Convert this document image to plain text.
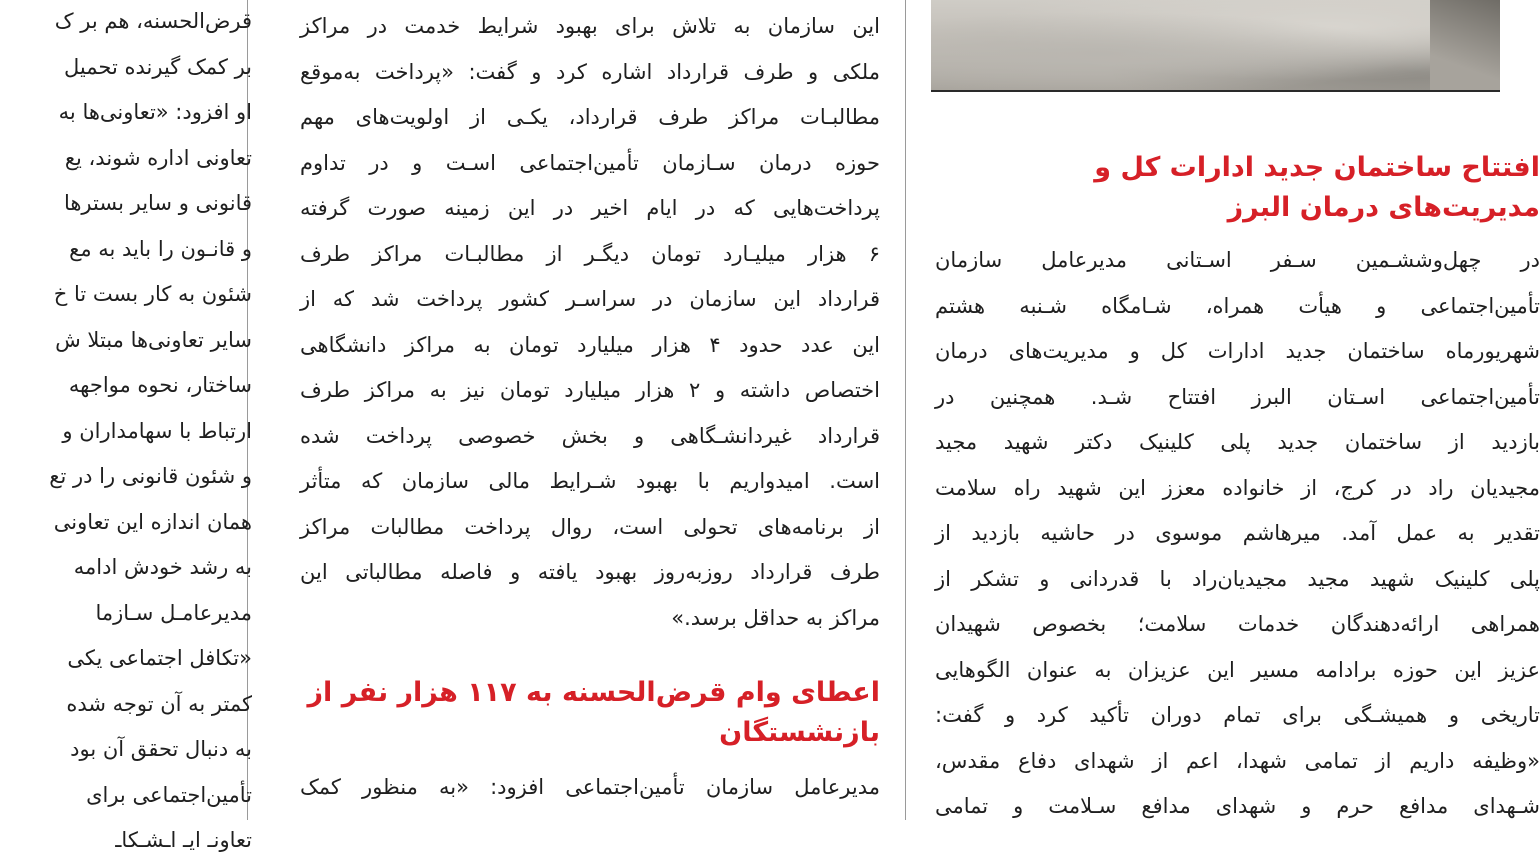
قرض‌الحسنه، هم بر ک
بر کمک گیرنده تحمیل
او افزود: «تعاونی‌ها به
تعاونی اداره شوند، یع
قانونی و سایر بسترها
و قانـون را باید به مع
شئون به کار بست تا خ
سایر تعاونی‌ها مبتلا ش
ساختار، نحوه مواجهه
ارتباط با سهامداران و
و شئون قانونی را در تع
همان اندازه این تعاونی
به رشد خودش ادامه
مدیرعامـل سـازما
«تکافل اجتماعی یکی
کمتر به آن توجه شده
به دنبال تحقق آن بود
تأمین‌اجتماعی برای
تعاونـ ایـ اـشـکاـ
این سازمان به تلاش برای بهبود شرایط خدمت در مراکز
ملکی و طرف قرارداد اشاره کرد و گفت: «پرداخت به‌موقع
مطالبـات مراکز طرف قرارداد، یکـی از اولویت‌های مهم
حوزه درمان سـازمان تأمین‌اجتماعی اسـت و در تداوم
پرداخت‌هایی که در ایام اخیر در این زمینه صورت گرفته
۶ هزار میلیـارد تومان دیگـر از مطالبـات مراکز طرف
قرارداد این سازمان در سراسـر کشور پرداخت شد که از
این عدد حدود ۴ هزار میلیارد تومان به مراکز دانشگاهی
اختصاص داشته و ۲ هزار میلیارد تومان نیز به مراکز طرف
قرارداد غیردانشـگاهی و بخش خصوصی پرداخت شده
است. امیدواریم با بهبود شـرایط مالی سازمان که متأثر
از برنامه‌های تحولی است، روال پرداخت مطالبات مراکز
طرف قرارداد روزبه‌روز بهبود یافته و فاصله مطالباتی این
مراکز به حداقل برسد.»
اعطای وام قرض‌الحسنه به ۱۱۷ هزار نفر از
بازنشستگان
مدیرعامل سازمان تأمین‌اجتماعی افزود: «به منظور کمک
افتتاح ساختمان جدید ادارات کل و
مدیریت‌های درمان البرز
در چهل‌وششـمین سـفر اسـتانی مدیرعامل سازمان
تأمین‌اجتماعی و هیأت همراه، شـامگاه شـنبه هشتم
شهریورماه ساختمان جدید ادارات کل و مدیریت‌های درمان
تأمین‌اجتماعی اسـتان البرز افتتاح شـد. همچنین در
بازدید از ساختمان جدید پلی کلینیک دکتر شهید مجید
مجیدیان راد در کرج، از خانواده معزز این شهید راه سلامت
تقدیر به عمل آمد. میرهاشم موسوی در حاشیه بازدید از
پلی کلینیک شهید مجید مجیدیان‌راد با قدردانی و تشکر از
همراهی ارائه‌دهندگان خدمات سلامت؛ بخصوص شهیدان
عزیز این حوزه برادامه مسیر این عزیزان به عنوان الگوهایی
تاریخی و همیشـگی برای تمام دوران تأکید کرد و گفت:
«وظیفه داریم از تمامی شهدا، اعم از شهدای دفاع مقدس،
شـهدای مدافع حرم و شهدای مدافع سـلامت و تمامی
